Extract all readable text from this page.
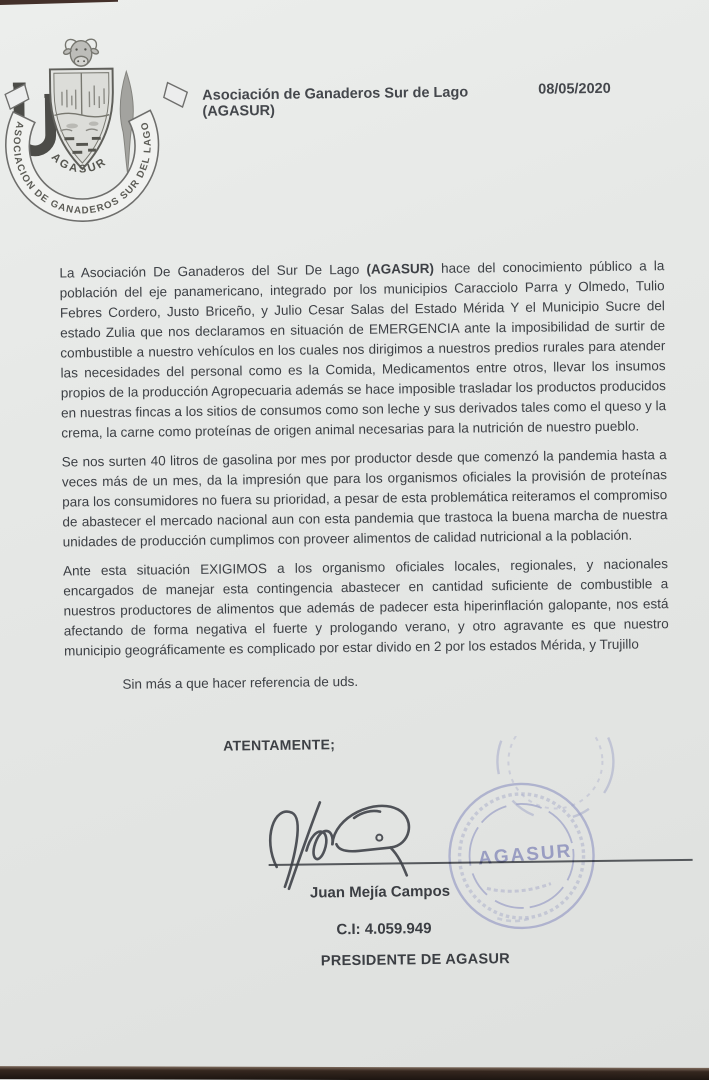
ASOCIACION DE GANADEROS SUR DEL LAGO
AGASUR
Asociación de Ganaderos Sur de Lago (AGASUR)
08/05/2020

La Asociación De Ganaderos del Sur De Lago (AGASUR) hace del conocimiento público a la población del eje panamericano, integrado por los municipios Caracciolo Parra y Olmedo, Tulio Febres Cordero, Justo Briceño, y Julio Cesar Salas del Estado Mérida Y el Municipio Sucre del estado Zulia que nos declaramos en situación de EMERGENCIA ante la imposibilidad de surtir de combustible a nuestro vehículos en los cuales nos dirigimos a nuestros predios rurales para atender las necesidades del personal como es la Comida, Medicamentos entre otros, llevar los insumos propios de la producción Agropecuaria además se hace imposible trasladar los productos producidos en nuestras fincas a los sitios de consumos como son leche y sus derivados tales como el queso y la crema, la carne como proteínas de origen animal necesarias para la nutrición de nuestro pueblo.

Se nos surten 40 litros de gasolina por mes por productor desde que comenzó la pandemia hasta a veces más de un mes, da la impresión que para los organismos oficiales la provisión de proteínas para los consumidores no fuera su prioridad, a pesar de esta problemática reiteramos el compromiso de abastecer el mercado nacional aun con esta pandemia que trastoca la buena marcha de nuestra unidades de producción cumplimos con proveer alimentos de calidad nutricional a la población.

Ante esta situación EXIGIMOS a los organismo oficiales locales, regionales, y nacionales encargados de manejar esta contingencia abastecer en cantidad suficiente de combustible a nuestros productores de alimentos que además de padecer esta hiperinflación galopante, nos está afectando de forma negativa el fuerte y prologando verano, y otro agravante es que nuestro municipio geográficamente es complicado por estar divido en 2 por los estados Mérida, y Trujillo

Sin más a que hacer referencia de uds.

ATENTAMENTE;

AGASUR
Juan Mejía Campos
C.I: 4.059.949
PRESIDENTE DE AGASUR
